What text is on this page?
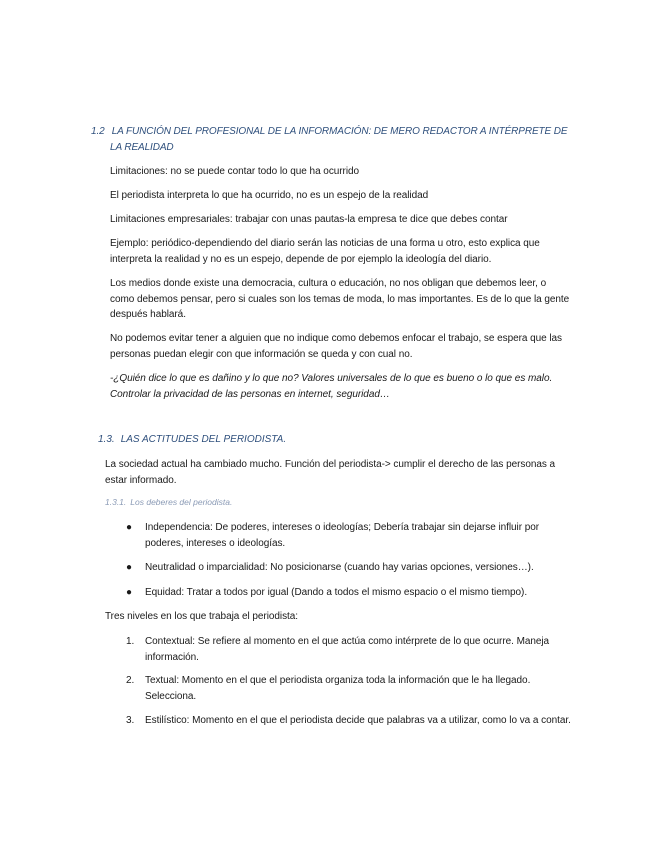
1.2 LA FUNCIÓN DEL PROFESIONAL DE LA INFORMACIÓN: DE MERO REDACTOR A INTÉRPRETE DE
LA REALIDAD
Limitaciones: no se puede contar todo lo que ha ocurrido
El periodista interpreta lo que ha ocurrido, no es un espejo de la realidad
Limitaciones empresariales: trabajar con unas pautas-la empresa te dice que debes contar
Ejemplo: periódico-dependiendo del diario serán las noticias de una forma u otro, esto explica que interpreta la realidad y no es un espejo, depende de por ejemplo la ideología del diario.
Los medios donde existe una democracia, cultura o educación, no nos obligan que debemos leer, o como debemos pensar, pero si cuales son los temas de moda, lo mas importantes. Es de lo que la gente después hablará.
No podemos evitar tener a alguien que no indique como debemos enfocar el trabajo, se espera que las personas puedan elegir con que información se queda y con cual no.
-¿Quién dice lo que es dañino y lo que no? Valores universales de lo que es bueno o lo que es malo. Controlar la privacidad de las personas en internet, seguridad…
1.3. LAS ACTITUDES DEL PERIODISTA.
La sociedad actual ha cambiado mucho. Función del periodista-> cumplir el derecho de las personas a estar informado.
1.3.1. Los deberes del periodista.
● Independencia: De poderes, intereses o ideologías; Debería trabajar sin dejarse influir por poderes, intereses o ideologías.
● Neutralidad o imparcialidad: No posicionarse (cuando hay varias opciones, versiones…).
● Equidad: Tratar a todos por igual (Dando a todos el mismo espacio o el mismo tiempo).
Tres niveles en los que trabaja el periodista:
1. Contextual: Se refiere al momento en el que actúa como intérprete de lo que ocurre. Maneja información.
2. Textual: Momento en el que el periodista organiza toda la información que le ha llegado. Selecciona.
3. Estilístico: Momento en el que el periodista decide que palabras va a utilizar, como lo va a contar.
